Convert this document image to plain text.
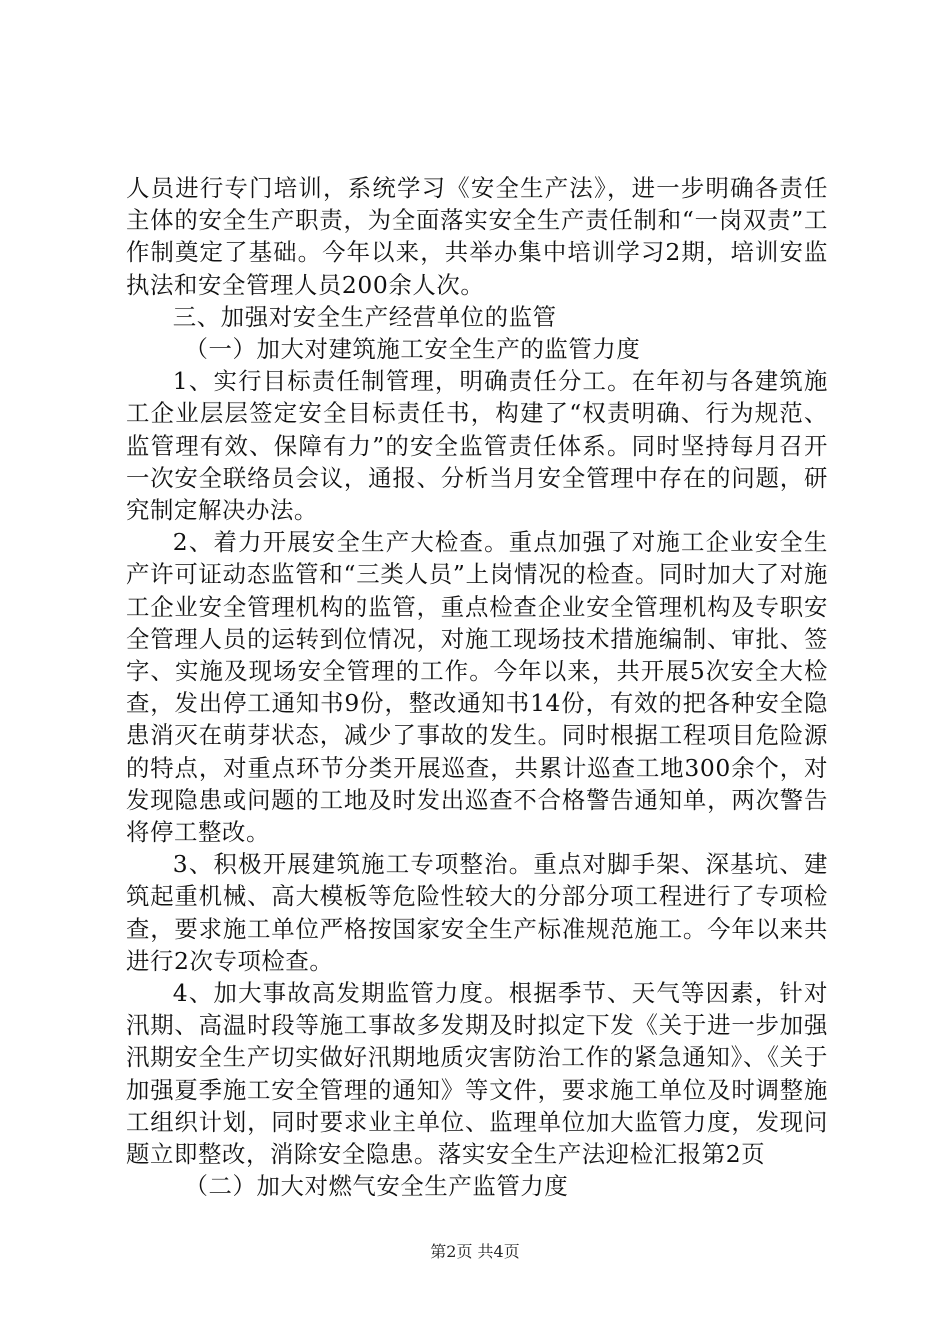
人员进行专门培训，系统学习《安全生产法》，进一步明确各责任主体的安全生产职责，为全面落实安全生产责任制和“一岗双责”工作制奠定了基础。今年以来，共举办集中培训学习2期，培训安监执法和安全管理人员200余人次。

三、加强对安全生产经营单位的监管

（一）加大对建筑施工安全生产的监管力度

1、实行目标责任制管理，明确责任分工。在年初与各建筑施工企业层层签定安全目标责任书，构建了“权责明确、行为规范、监管理有效、保障有力”的安全监管责任体系。同时坚持每月召开一次安全联络员会议，通报、分析当月安全管理中存在的问题，研究制定解决办法。

2、着力开展安全生产大检查。重点加强了对施工企业安全生产许可证动态监管和“三类人员”上岗情况的检查。同时加大了对施工企业安全管理机构的监管，重点检查企业安全管理机构及专职安全管理人员的运转到位情况，对施工现场技术措施编制、审批、签字、实施及现场安全管理的工作。今年以来，共开展5次安全大检查，发出停工通知书9份，整改通知书14份，有效的把各种安全隐患消灭在萌芽状态，减少了事故的发生。同时根据工程项目危险源的特点，对重点环节分类开展巡查，共累计巡查工地300余个，对发现隐患或问题的工地及时发出巡查不合格警告通知单，两次警告将停工整改。

3、积极开展建筑施工专项整治。重点对脚手架、深基坑、建筑起重机械、高大模板等危险性较大的分部分项工程进行了专项检查，要求施工单位严格按国家安全生产标准规范施工。今年以来共进行2次专项检查。

4、加大事故高发期监管力度。根据季节、天气等因素，针对汛期、高温时段等施工事故多发期及时拟定下发《关于进一步加强汛期安全生产切实做好汛期地质灾害防治工作的紧急通知》、《关于加强夏季施工安全管理的通知》等文件，要求施工单位及时调整施工组织计划，同时要求业主单位、监理单位加大监管力度，发现问题立即整改，消除安全隐患。落实安全生产法迎检汇报第2页

（二）加大对燃气安全生产监管力度

第2页 共4页
